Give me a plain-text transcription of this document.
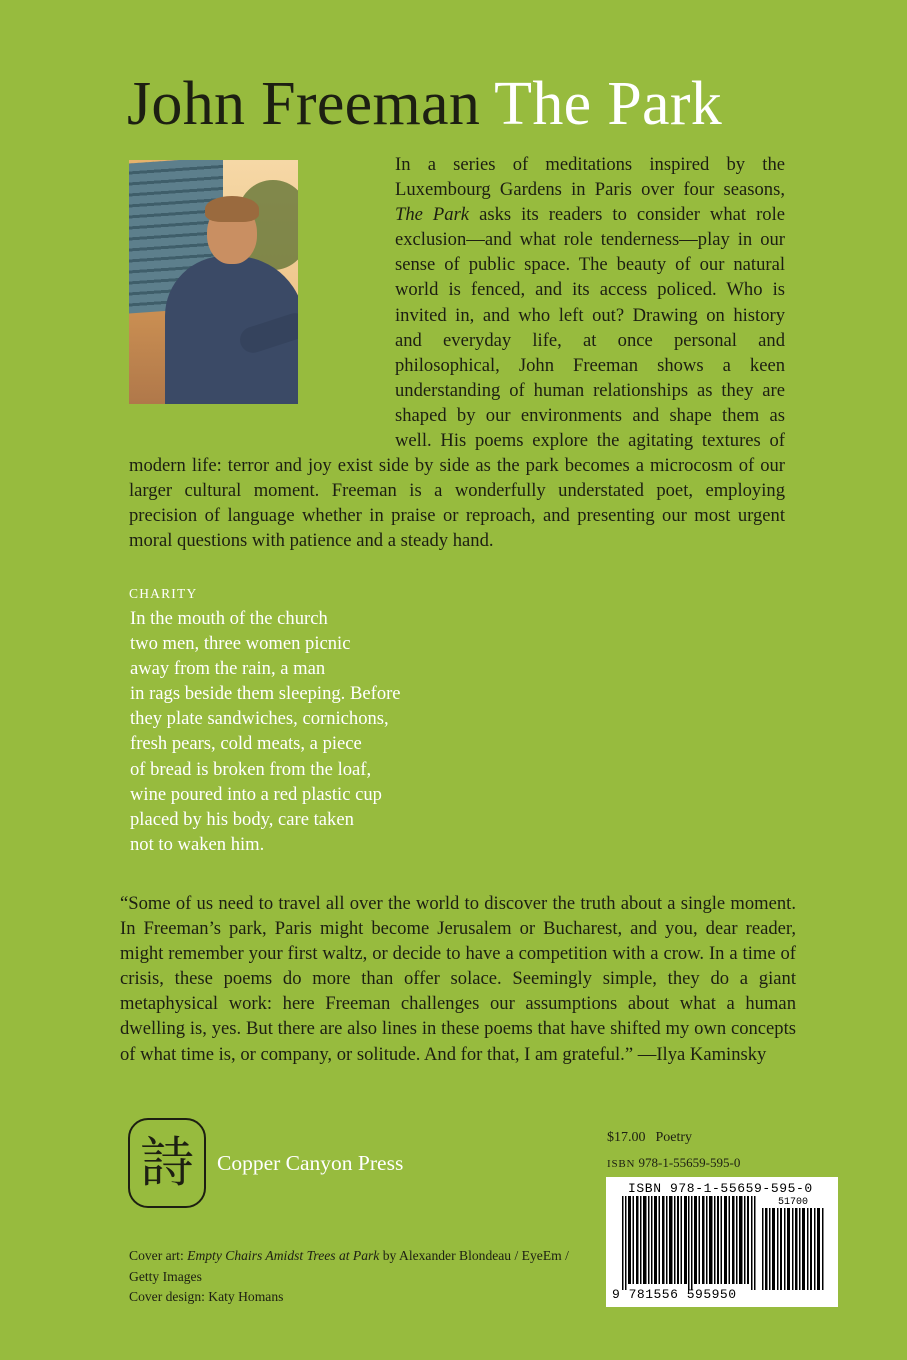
John Freeman The Park
In a series of meditations inspired by the Luxembourg Gardens in Paris over four seasons, The Park asks its readers to consider what role exclusion—and what role tenderness—play in our sense of public space. The beauty of our natural world is fenced, and its access policed. Who is invited in, and who left out? Drawing on history and everyday life, at once personal and philosophical, John Freeman shows a keen understanding of human relationships as they are shaped by our environments and shape them as well. His poems explore the agitating textures of modern life: terror and joy exist side by side as the park becomes a microcosm of our larger cultural moment. Freeman is a wonderfully understated poet, employing precision of language whether in praise or reproach, and presenting our most urgent moral questions with patience and a steady hand.
CHARITY
In the mouth of the church
two men, three women picnic
away from the rain, a man
in rags beside them sleeping. Before
they plate sandwiches, cornichons,
fresh pears, cold meats, a piece
of bread is broken from the loaf,
wine poured into a red plastic cup
placed by his body, care taken
not to waken him.
“Some of us need to travel all over the world to discover the truth about a single moment. In Freeman’s park, Paris might become Jerusalem or Bucharest, and you, dear reader, might remember your first waltz, or decide to have a competition with a crow. In a time of crisis, these poems do more than offer solace. Seemingly simple, they do a giant metaphysical work: here Freeman challenges our assumptions about what a human dwelling is, yes. But there are also lines in these poems that have shifted my own concepts of what time is, or company, or solitude. And for that, I am grateful.” —Ilya Kaminsky
詩 Copper Canyon Press
$17.00 Poetry
ISBN 978-1-55659-595-0
ISBN 978-1-55659-595-0
51700
9 781556 595950
Cover art: Empty Chairs Amidst Trees at Park by Alexander Blondeau / EyeEm / Getty Images
Cover design: Katy Homans
